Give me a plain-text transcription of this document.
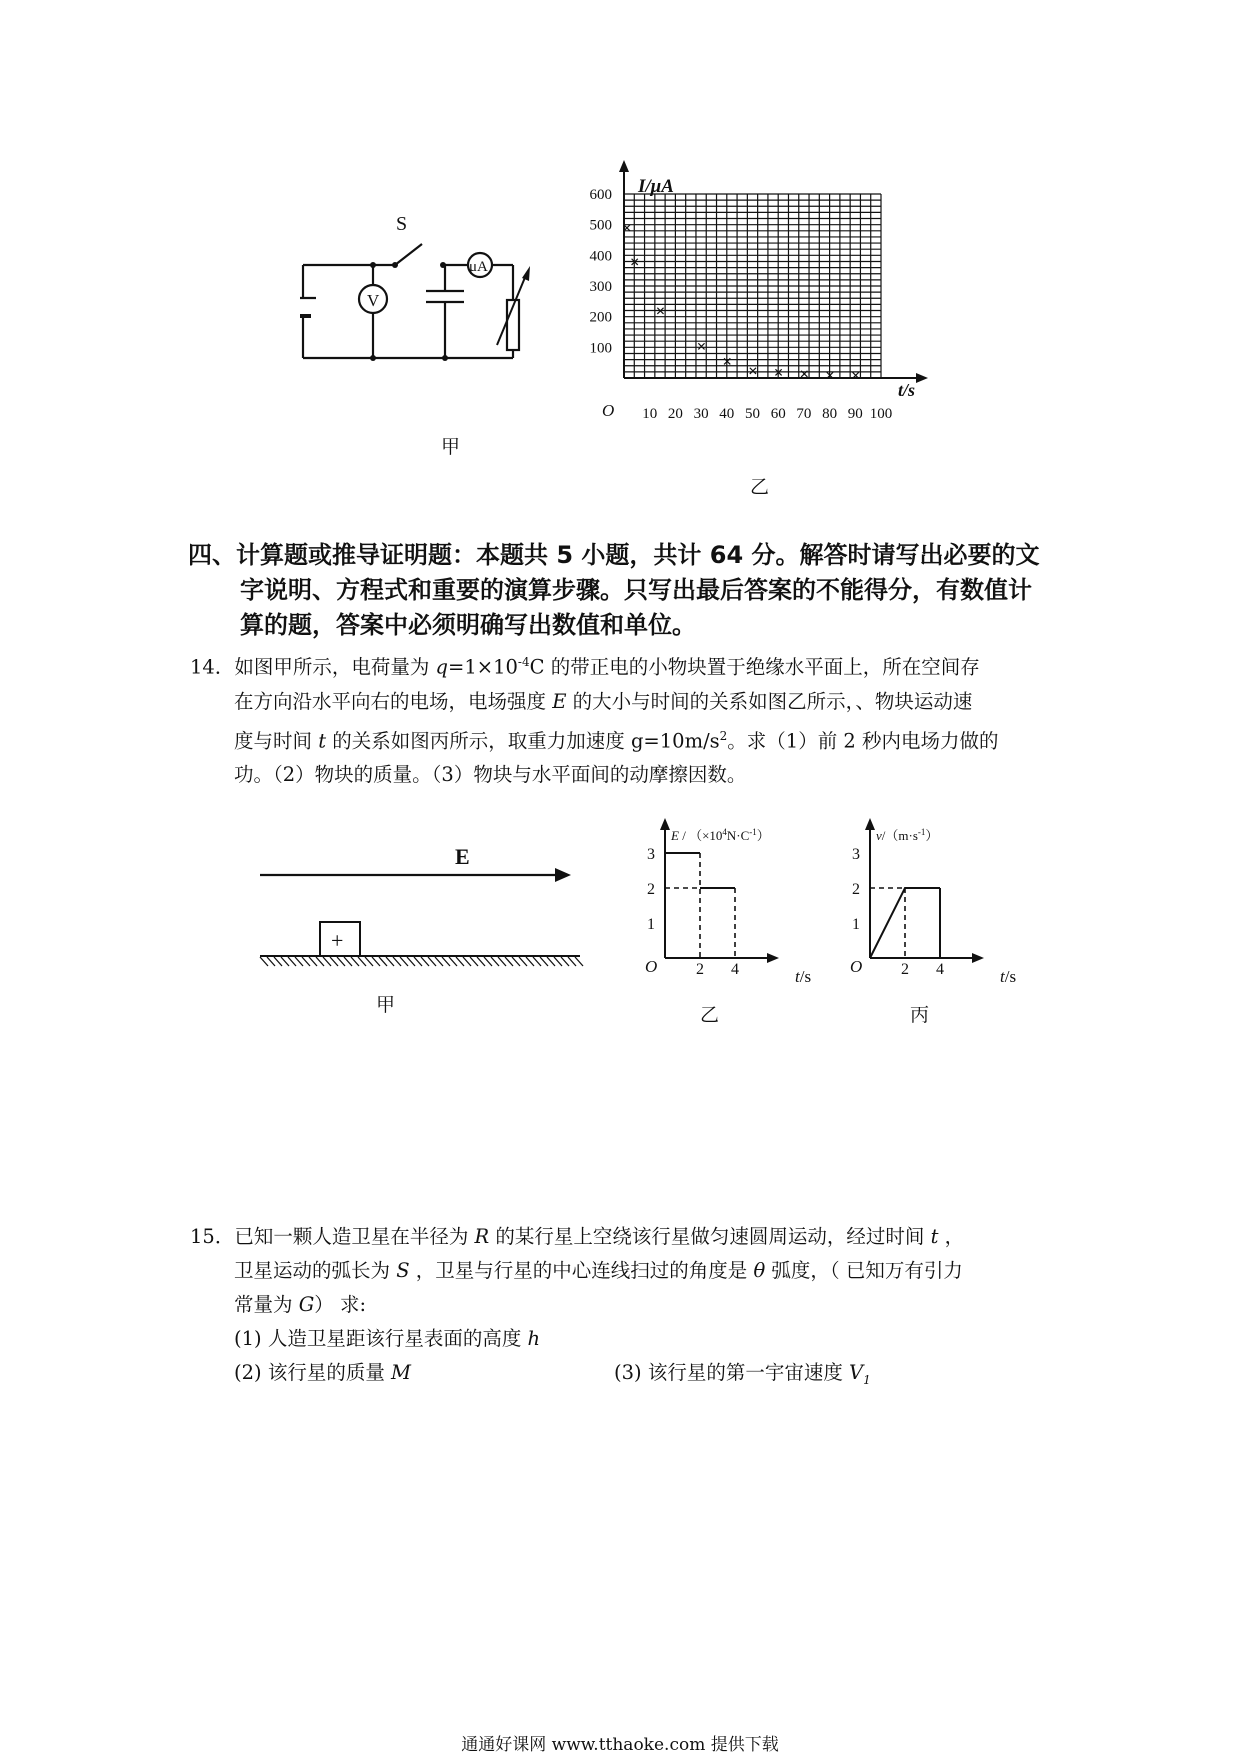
S
V
μA
甲
I/μA
t/s
O 10 20 30 40 50 60 70 80 90 100
100
200
300
400
500
600
×
×
×
×
× × × × × ×
乙
四、计算题或推导证明题：本题共 5 小题，共计 64 分。解答时请写出必要的文
字说明、方程式和重要的演算步骤。只写出最后答案的不能得分，有数值计
算的题，答案中必须明确写出数值和单位。
14．如图甲所示，电荷量为 $q=1\times 10^{-4}C$ 的带正电的小物块置于绝缘水平面上，所在空间存
在方向沿水平向右的电场，电场强度 E 的大小与时间的关系如图乙所示，、物块运动速
度与时间 t 的关系如图丙所示，取重力加速度 $g=10m/s^2$。求（1）前 2 秒内电场力做的
功。（2）物块的质量。（3）物块与水平面间的动摩擦因数。
E
+
甲
O 2 4
1
2
3
t/s
$E / (\times 10^4N\cdot C^{-1})$
乙
O 2 4
1
2
3
t/s
$v/(m\cdot s^{-1})$
丙
15．已知一颗人造卫星在半径为 R 的某行星上空绕该行星做匀速圆周运动，经过时间 t ，
卫星运动的弧长为 S ，卫星与行星的中心连线扫过的角度是 θ 弧度，（ 已知万有引力
常量为 G） 求:
(1) 人造卫星距该行星表面的高度 h
(2) 该行星的质量 M	(3) 该行星的第一宇宙速度 $V_1$
通通好课网 www.tthaoke.com 提供下载
